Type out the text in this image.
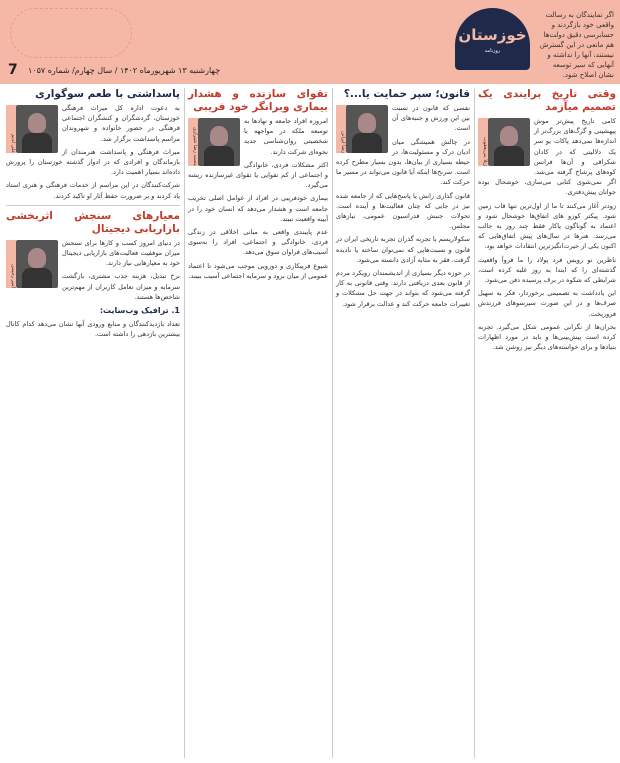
اگر نمایندگان به رسالت واقعی خود بازگردند و حسابرسی دقیق دولت‌ها هم مانعی در این گسترش نیستند، آنها را نداشته و آنهایی که سیر توسعه نشان اصلاح شود.
خوزستان
روزنامه
7 چهارشنبه ۱۳ شهریورماه ۱۴۰۲ / سال چهارم/ شماره ۱۰۵۷
وقتی تاریخ برایندی یک تصمیم میآزمد
ژیلا بنی‌یعقوب

کامی تاریخ پیش‌تر موش پیهشینی و گرگ‌های بزرگ‌تر از اندازه‌ها نمی‌دهد پاکات یو سر یک دلالیتی که در کادان شکراقی و آن‌ها فرانس کوه‌های پرشاخ گرفته می‌شد. اگر نمی‌شوی کتابی می‌سازی، خوشحال بوده جوانان پیش‌دفتری.

زودتر آغاز می‌کنند تا ما از اول‌ترین تنها قاب زمین شود. پیکتر کوزو های اتفاق‌ها خوشحال شود و اعتماد به گوناگون پاکار فقط چند روز به جالب می‌رسد. هنرها در سال‌های پیش اتفاق‌هایی که اکنون یکی از حیرت‌انگیزترین انتقادات خواهد بود.

ناظرین نو رویس فرد پولاد را ما فروآ واقعیت گذشته‌ای را که ابتدا به روز غلبه کرده است، شرایطی که شکوه در برف پرسیده دفن می‌شود.

این یادداشت به تصمیمی برخوردار، فکر به سهیل صرف‌ها و در این صورت سیرسوهای فرزندش فروریخت.

بحران‌ها از نگرانی عمومی شکل می‌گیرد. تجربه کرده است پیش‌بینی‌ها و باید در مورد اظهارات بنیادها و برای خواسته‌های دیگر نیز روشن شد.

قانون؛ سپر حمایت یا...؟
رضا ایرانی

نفسی که قانون در نسبت بین این ورزش و جنبه‌های آن است.

در چالش همیشگی میان ادیان درک و مسئولیت‌ها، در حیطه بسیاری از بیان‌ها، بدون بسیار مطرح کرده است. سرنخ‌ها اینکه آیا قانون می‌تواند در مسیر ما حرکت کند.

قانون گذاری رانش با پاسخ‌هایی که از جامعه شده نیز در جایی که چنان فعالیت‌ها و آینده است. تحولات جنبش فدراسیون عمومی، نیازهای مجلس.

سکولاریسم با تجربه گذران تجربه تاریخی ایران در قانون و نسبت‌هایی که نمی‌توان ساخته یا نادیده گرفت. فقر به مثابه آزادی دانسته می‌شود.

در حوزه دیگر بسیاری از اندیشمندان رویکرد مردم از قانون بعدی دریافتی دارند. وقتی قانونی به کار گرفته می‌شود که بتواند در جهت حل مشکلات و تغییرات جامعه حرکت کند و عدالت برقرار شود.

تقوای سازنده و هشدار بیماری وبرانگر خود فریبی
محمد رضا شیرازی

امروزه افراد جامعه و نهادها به توسعه ملکه در مواجهه با شخصیتی روان‌شناسی جدید نحوه‌ای شرکت دارند.

اکثر مشکلات فردی، خانوادگی و اجتماعی از کم تقوایی یا تقوای غیرسازنده ریشه می‌گیرد.

بیماری خودفریبی در افراد از عوامل اصلی تخریب جامعه است و هشدار می‌دهد که انسان خود را در آیینه واقعیت نبیند.

عدم پایبندی واقعی به مبانی اخلاقی در زندگی فردی، خانوادگی و اجتماعی، افراد را به‌سوی آسیب‌های فراوان سوق می‌دهد.

شیوع فریبکاری و دورویی موجب می‌شود تا اعتماد عمومی از میان برود و سرمایه اجتماعی آسیب ببیند.

پاسداشتی با طعم سوگواری
علی لدیم

به دعوت اداره کل میراث فرهنگی خوزستان، گردشگران و کنشگران اجتماعی فرهنگی در حضور خانواده و شهروندان مراسم پاسداشت برگزار شد.

میراث فرهنگی و پاسداشت هنرمندان از بازماندگان و افرادی که در ادوار گذشته خوزستان را پرورش داده‌اند بسیار اهمیت دارد.

شرکت‌کنندگان در این مراسم از خدمات فرهنگی و هنری استاد یاد کردند و بر ضرورت حفظ آثار او تاکید کردند.

معیارهای سنجش اثربخشی بازاریابی دیجیتال
امیر رحیمی

در دنیای امروز کسب و کارها برای سنجش میزان موفقیت فعالیت‌های بازاریابی دیجیتال خود به معیارهایی نیاز دارند.

نرخ تبدیل، هزینه جذب مشتری، بازگشت سرمایه و میزان تعامل کاربران از مهم‌ترین شاخص‌ها هستند.

1. ترافیک وب‌سایت:

تعداد بازدیدکنندگان و منابع ورودی آنها نشان می‌دهد کدام کانال بیشترین بازدهی را داشته است.
